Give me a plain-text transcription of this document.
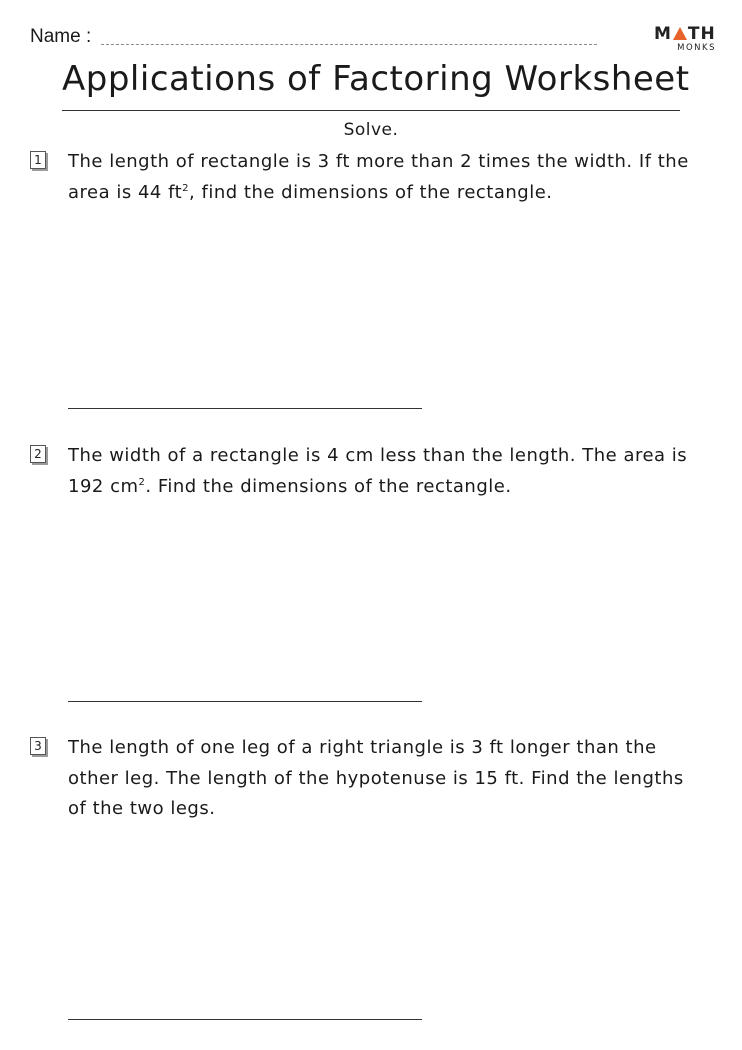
Name :	M TH
MONKS
Applications of Factoring Worksheet
Solve.
1 The length of rectangle is 3 ft more than 2 times the width. If the area is 44 $ft^2$, find the dimensions of the rectangle.
2 The width of a rectangle is 4 cm less than the length. The area is 192 $cm^2$. Find the dimensions of the rectangle.
3 The length of one leg of a right triangle is 3 ft longer than the other leg. The length of the hypotenuse is 15 ft. Find the lengths of the two legs.
